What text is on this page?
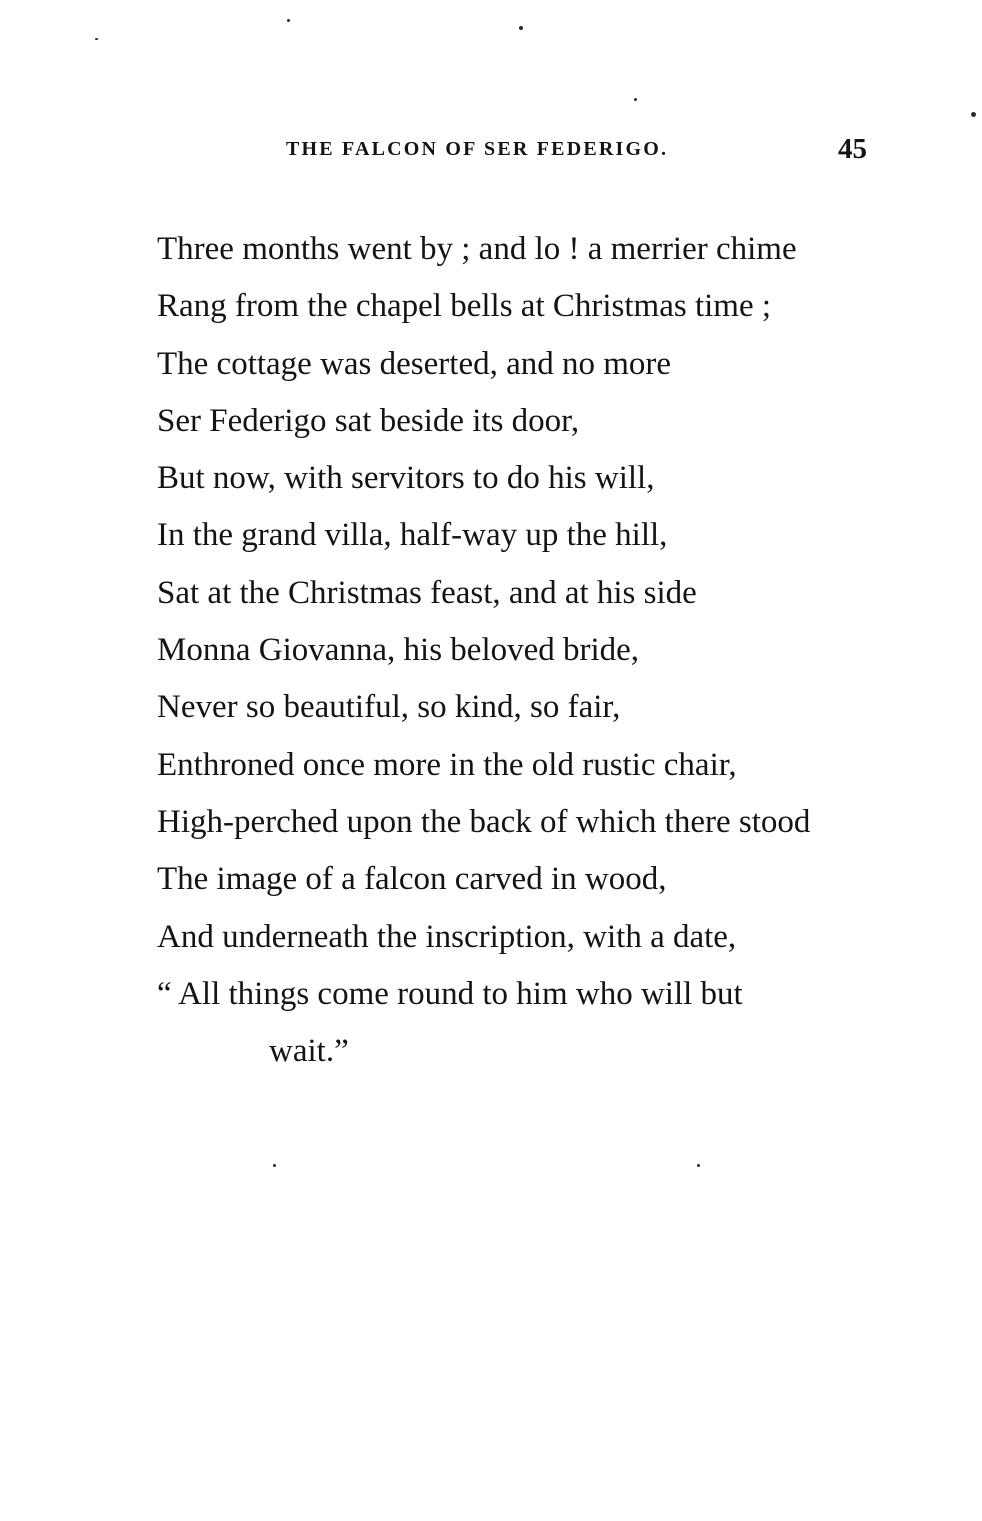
THE FALCON OF SER FEDERIGO.	45
Three months went by ; and lo ! a merrier chime
Rang from the chapel bells at Christmas time ;
The cottage was deserted, and no more
Ser Federigo sat beside its door,
But now, with servitors to do his will,
In the grand villa, half-way up the hill,
Sat at the Christmas feast, and at his side
Monna Giovanna, his beloved bride,
Never so beautiful, so kind, so fair,
Enthroned once more in the old rustic chair,
High-perched upon the back of which there stood
The image of a falcon carved in wood,
And underneath the inscription, with a date,
“ All things come round to him who will but
wait.”
